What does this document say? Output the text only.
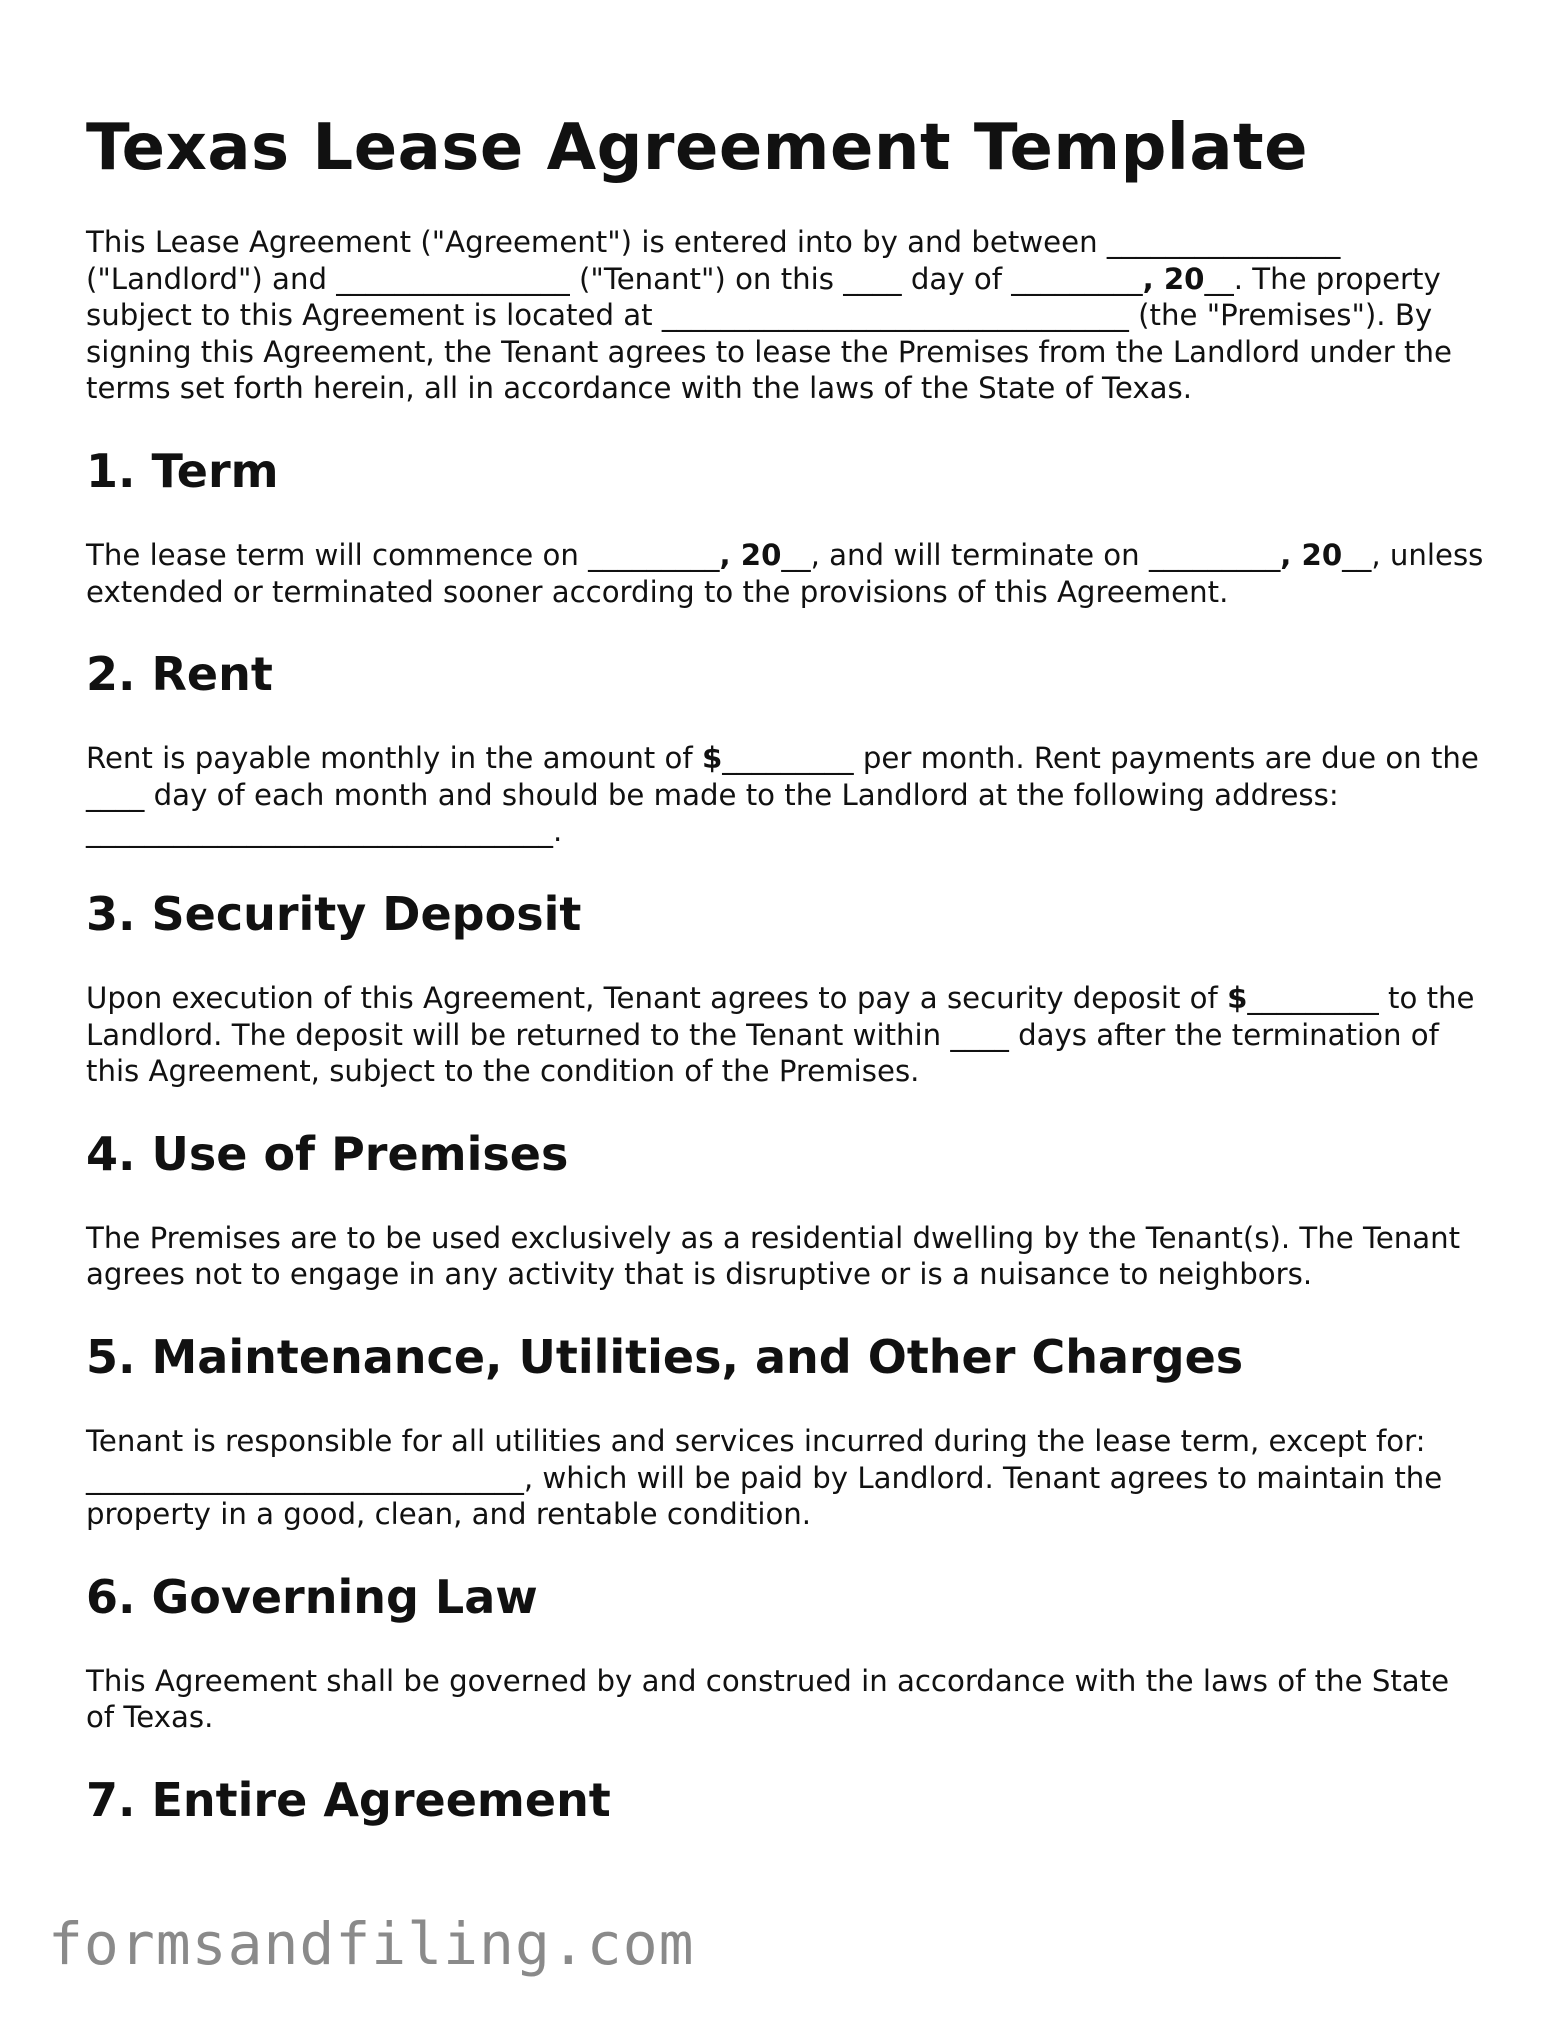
Texas Lease Agreement Template

This Lease Agreement ("Agreement") is entered into by and between ________________ ("Landlord") and ________________ ("Tenant") on this ____ day of _________, 20__. The property subject to this Agreement is located at ________________________________ (the "Premises"). By signing this Agreement, the Tenant agrees to lease the Premises from the Landlord under the terms set forth herein, all in accordance with the laws of the State of Texas.

1. Term

The lease term will commence on _________, 20__, and will terminate on _________, 20__, unless extended or terminated sooner according to the provisions of this Agreement.

2. Rent

Rent is payable monthly in the amount of $_________ per month. Rent payments are due on the ____ day of each month and should be made to the Landlord at the following address: ________________________________.

3. Security Deposit

Upon execution of this Agreement, Tenant agrees to pay a security deposit of $_________ to the Landlord. The deposit will be returned to the Tenant within ____ days after the termination of this Agreement, subject to the condition of the Premises.

4. Use of Premises

The Premises are to be used exclusively as a residential dwelling by the Tenant(s). The Tenant agrees not to engage in any activity that is disruptive or is a nuisance to neighbors.

5. Maintenance, Utilities, and Other Charges

Tenant is responsible for all utilities and services incurred during the lease term, except for: ______________________________, which will be paid by Landlord. Tenant agrees to maintain the property in a good, clean, and rentable condition.

6. Governing Law

This Agreement shall be governed by and construed in accordance with the laws of the State of Texas.

7. Entire Agreement
formsandfiling.com
